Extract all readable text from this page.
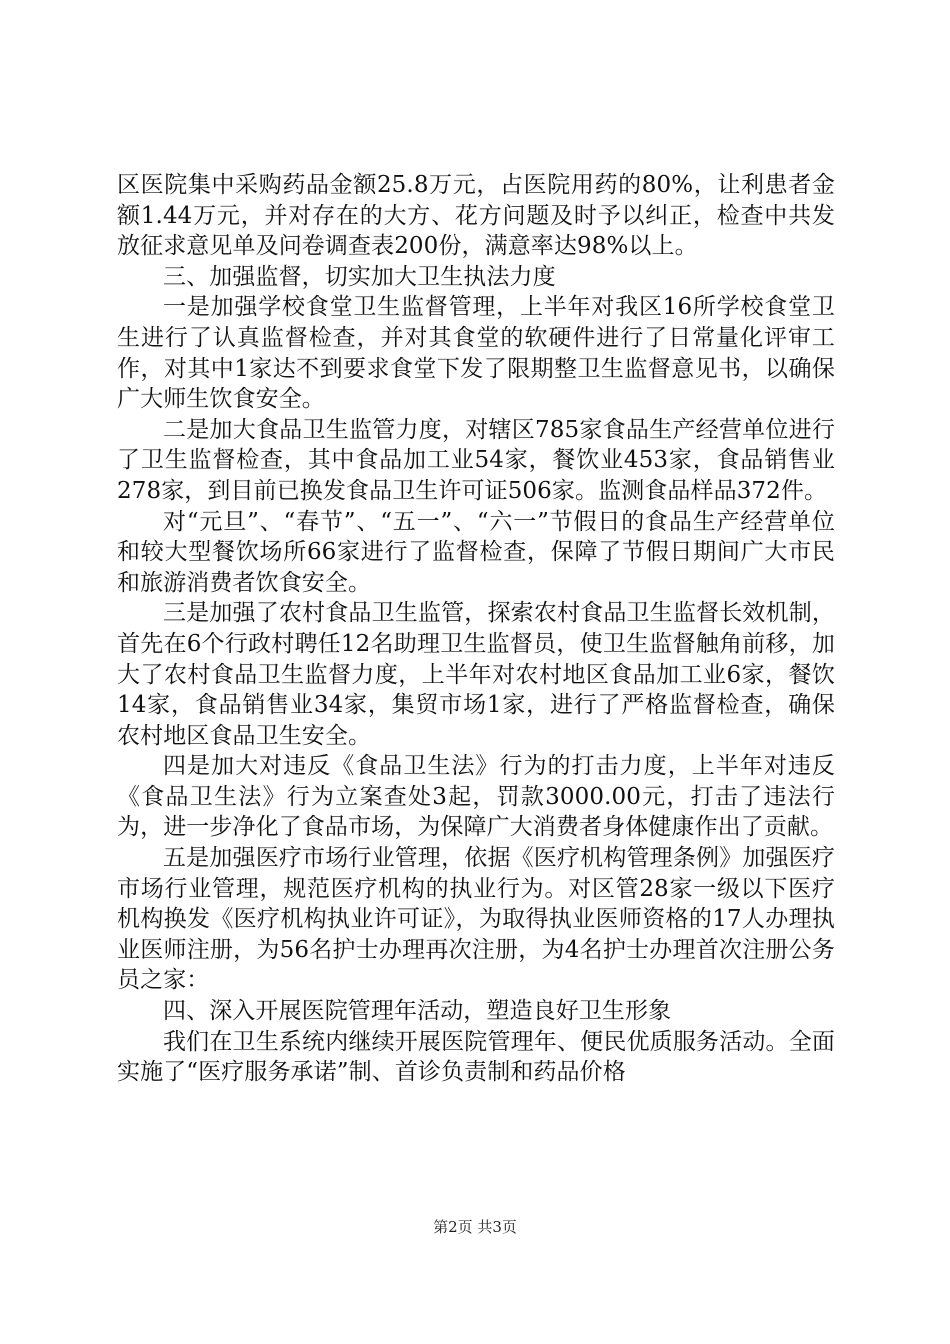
区医院集中采购药品金额25.8万元，占医院用药的80%，让利患者金额1.44万元，并对存在的大方、花方问题及时予以纠正，检查中共发放征求意见单及问卷调查表200份，满意率达98%以上。

三、加强监督，切实加大卫生执法力度

一是加强学校食堂卫生监督管理，上半年对我区16所学校食堂卫生进行了认真监督检查，并对其食堂的软硬件进行了日常量化评审工作，对其中1家达不到要求食堂下发了限期整卫生监督意见书，以确保广大师生饮食安全。

二是加大食品卫生监管力度，对辖区785家食品生产经营单位进行了卫生监督检查，其中食品加工业54家，餐饮业453家，食品销售业278家，到目前已换发食品卫生许可证506家。监测食品样品372件。

对“元旦”、“春节”、“五一”、“六一”节假日的食品生产经营单位和较大型餐饮场所66家进行了监督检查，保障了节假日期间广大市民和旅游消费者饮食安全。

三是加强了农村食品卫生监管，探索农村食品卫生监督长效机制，首先在6个行政村聘任12名助理卫生监督员，使卫生监督触角前移，加大了农村食品卫生监督力度，上半年对农村地区食品加工业6家，餐饮14家，食品销售业34家，集贸市场1家，进行了严格监督检查，确保农村地区食品卫生安全。

四是加大对违反《食品卫生法》行为的打击力度，上半年对违反《食品卫生法》行为立案查处3起，罚款3000.00元，打击了违法行为，进一步净化了食品市场，为保障广大消费者身体健康作出了贡献。

五是加强医疗市场行业管理，依据《医疗机构管理条例》加强医疗市场行业管理，规范医疗机构的执业行为。对区管28家一级以下医疗机构换发《医疗机构执业许可证》，为取得执业医师资格的17人办理执业医师注册，为56名护士办理再次注册，为4名护士办理首次注册公务员之家：

四、深入开展医院管理年活动，塑造良好卫生形象

我们在卫生系统内继续开展医院管理年、便民优质服务活动。全面实施了“医疗服务承诺”制、首诊负责制和药品价格

第2页 共3页
